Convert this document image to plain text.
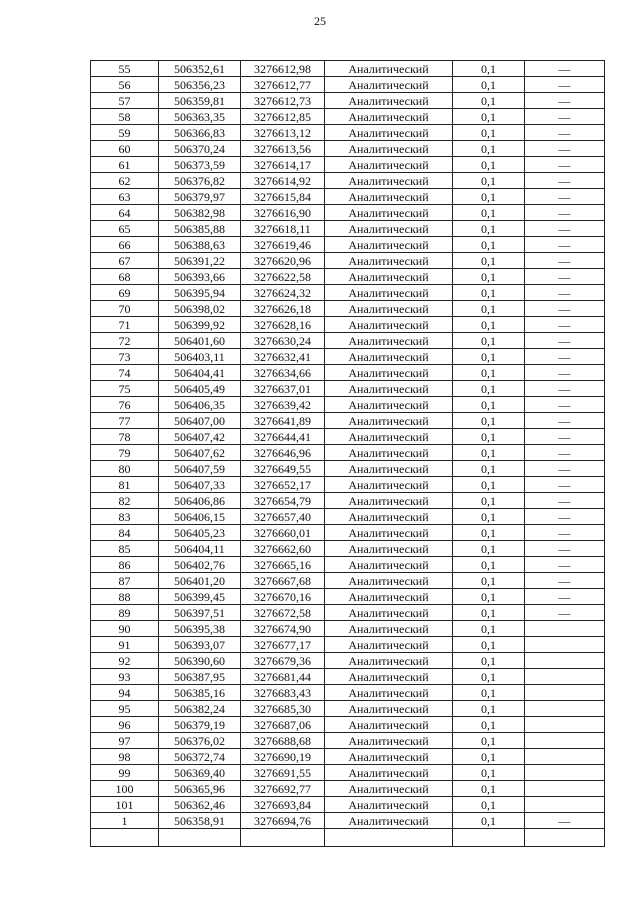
25
55	506352,61	3276612,98	Аналитический	0,1	—
56	506356,23	3276612,77	Аналитический	0,1	—
57	506359,81	3276612,73	Аналитический	0,1	—
58	506363,35	3276612,85	Аналитический	0,1	—
59	506366,83	3276613,12	Аналитический	0,1	—
60	506370,24	3276613,56	Аналитический	0,1	—
61	506373,59	3276614,17	Аналитический	0,1	—
62	506376,82	3276614,92	Аналитический	0,1	—
63	506379,97	3276615,84	Аналитический	0,1	—
64	506382,98	3276616,90	Аналитический	0,1	—
65	506385,88	3276618,11	Аналитический	0,1	—
66	506388,63	3276619,46	Аналитический	0,1	—
67	506391,22	3276620,96	Аналитический	0,1	—
68	506393,66	3276622,58	Аналитический	0,1	—
69	506395,94	3276624,32	Аналитический	0,1	—
70	506398,02	3276626,18	Аналитический	0,1	—
71	506399,92	3276628,16	Аналитический	0,1	—
72	506401,60	3276630,24	Аналитический	0,1	—
73	506403,11	3276632,41	Аналитический	0,1	—
74	506404,41	3276634,66	Аналитический	0,1	—
75	506405,49	3276637,01	Аналитический	0,1	—
76	506406,35	3276639,42	Аналитический	0,1	—
77	506407,00	3276641,89	Аналитический	0,1	—
78	506407,42	3276644,41	Аналитический	0,1	—
79	506407,62	3276646,96	Аналитический	0,1	—
80	506407,59	3276649,55	Аналитический	0,1	—
81	506407,33	3276652,17	Аналитический	0,1	—
82	506406,86	3276654,79	Аналитический	0,1	—
83	506406,15	3276657,40	Аналитический	0,1	—
84	506405,23	3276660,01	Аналитический	0,1	—
85	506404,11	3276662,60	Аналитический	0,1	—
86	506402,76	3276665,16	Аналитический	0,1	—
87	506401,20	3276667,68	Аналитический	0,1	—
88	506399,45	3276670,16	Аналитический	0,1	—
89	506397,51	3276672,58	Аналитический	0,1	—
90	506395,38	3276674,90	Аналитический	0,1	
91	506393,07	3276677,17	Аналитический	0,1	
92	506390,60	3276679,36	Аналитический	0,1	
93	506387,95	3276681,44	Аналитический	0,1	
94	506385,16	3276683,43	Аналитический	0,1	
95	506382,24	3276685,30	Аналитический	0,1	
96	506379,19	3276687,06	Аналитический	0,1	
97	506376,02	3276688,68	Аналитический	0,1	
98	506372,74	3276690,19	Аналитический	0,1	
99	506369,40	3276691,55	Аналитический	0,1	
100	506365,96	3276692,77	Аналитический	0,1	
101	506362,46	3276693,84	Аналитический	0,1	
1	506358,91	3276694,76	Аналитический	0,1	—
